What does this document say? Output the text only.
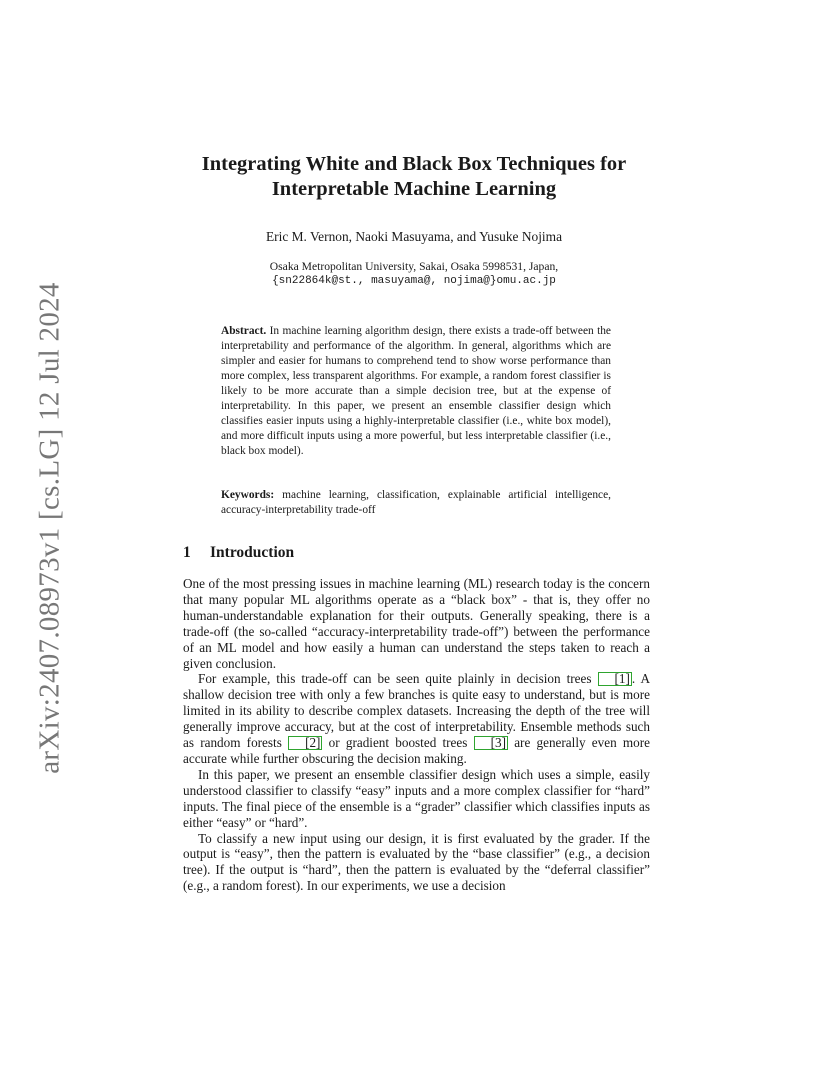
arXiv:2407.08973v1 [cs.LG] 12 Jul 2024
Integrating White and Black Box Techniques for
Interpretable Machine Learning
Eric M. Vernon, Naoki Masuyama, and Yusuke Nojima
Osaka Metropolitan University, Sakai, Osaka 5998531, Japan,
{sn22864k@st., masuyama@, nojima@}omu.ac.jp
Abstract. In machine learning algorithm design, there exists a trade-off between the interpretability and performance of the algorithm. In general, algorithms which are simpler and easier for humans to comprehend tend to show worse performance than more complex, less transparent algorithms. For example, a random forest classifier is likely to be more accurate than a simple decision tree, but at the expense of interpretability. In this paper, we present an ensemble classifier design which classifies easier inputs using a highly-interpretable classifier (i.e., white box model), and more difficult inputs using a more powerful, but less interpretable classifier (i.e., black box model).
Keywords: machine learning, classification, explainable artificial intelligence, accuracy-interpretability trade-off
1 Introduction

One of the most pressing issues in machine learning (ML) research today is the concern that many popular ML algorithms operate as a “black box” - that is, they offer no human-understandable explanation for their outputs. Generally speaking, there is a trade-off (the so-called “accuracy-interpretability trade-off”) between the performance of an ML model and how easily a human can understand the steps taken to reach a given conclusion.

For example, this trade-off can be seen quite plainly in decision trees [1] . A shallow decision tree with only a few branches is quite easy to understand, but is more limited in its ability to describe complex datasets. Increasing the depth of the tree will generally improve accuracy, but at the cost of interpretability. Ensemble methods such as random forests [2] or gradient boosted trees [3] are generally even more accurate while further obscuring the decision making.

In this paper, we present an ensemble classifier design which uses a simple, easily understood classifier to classify “easy” inputs and a more complex classifier for “hard” inputs. The final piece of the ensemble is a “grader” classifier which classifies inputs as either “easy” or “hard”.

To classify a new input using our design, it is first evaluated by the grader. If the output is “easy”, then the pattern is evaluated by the “base classifier” (e.g., a decision tree). If the output is “hard”, then the pattern is evaluated by the “deferral classifier” (e.g., a random forest). In our experiments, we use a decision
